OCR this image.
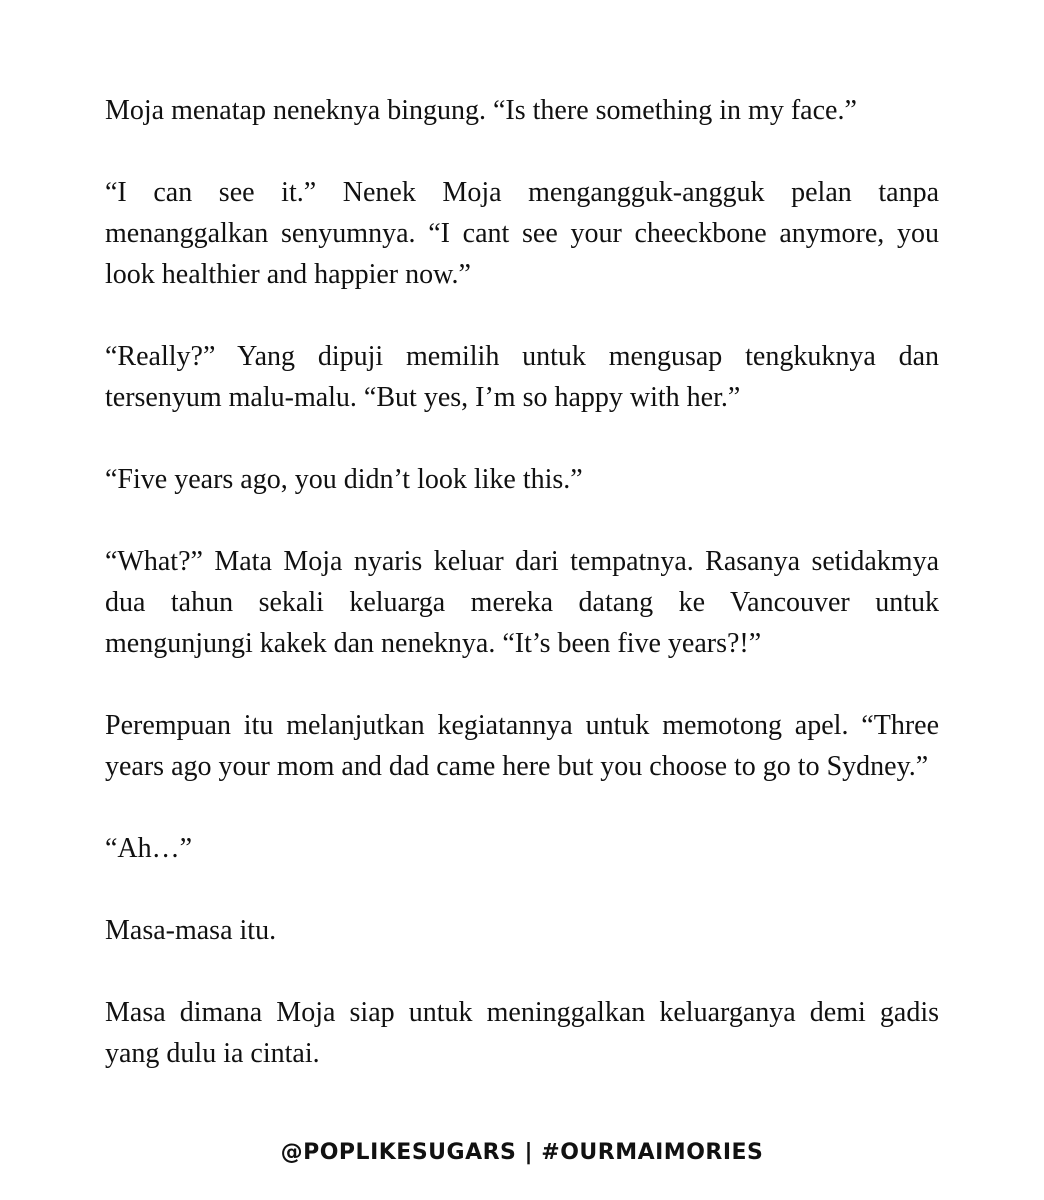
Moja menatap neneknya bingung. “Is there something in my face.”

“I can see it.” Nenek Moja mengangguk-angguk pelan tanpa menanggalkan senyumnya. “I cant see your cheeckbone anymore, you look healthier and happier now.”

“Really?” Yang dipuji memilih untuk mengusap tengkuknya dan tersenyum malu-malu. “But yes, I’m so happy with her.”

“Five years ago, you didn’t look like this.”

“What?” Mata Moja nyaris keluar dari tempatnya. Rasanya setidakmya dua tahun sekali keluarga mereka datang ke Vancouver untuk mengunjungi kakek dan neneknya. “It’s been five years?!”

Perempuan itu melanjutkan kegiatannya untuk memotong apel. “Three years ago your mom and dad came here but you choose to go to Sydney.”

“Ah…”

Masa-masa itu.

Masa dimana Moja siap untuk meninggalkan keluarganya demi gadis yang dulu ia cintai.

@POPLIKESUGARS | #OURMAIMORIES
